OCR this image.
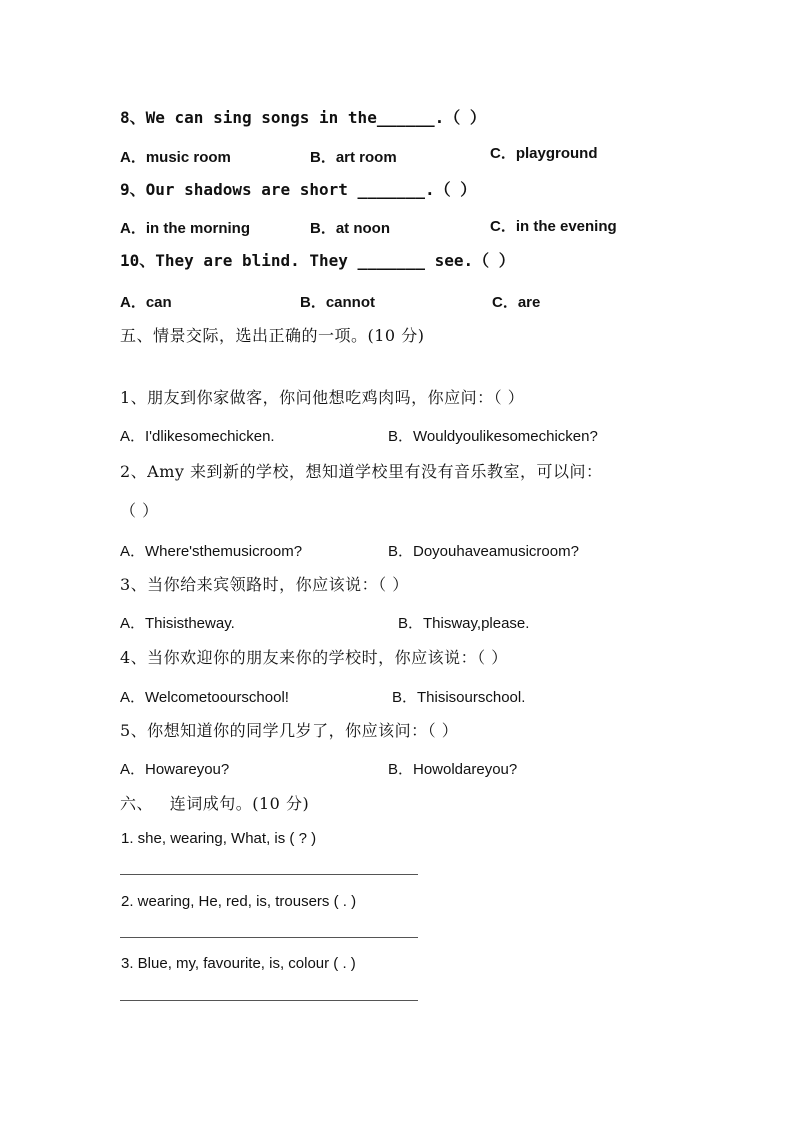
8、We can sing songs in the______.（ ）
A．music room	B．art room	C．playground
9、Our shadows are short _______.（ ）
A．in the morning	B．at noon	C．in the evening
10、They are blind. They _______ see.（ ）
A．can	B．cannot	C．are
五、情景交际，选出正确的一项。(10 分)
1、朋友到你家做客，你问他想吃鸡肉吗，你应问：（ ）
A．I'dlikesomechicken.	B．Wouldyoulikesomechicken?
2、Amy 来到新的学校，想知道学校里有没有音乐教室，可以问：
（ ）
A．Where'sthemusicroom?	B．Doyouhaveamusicroom?
3、当你给来宾领路时，你应该说：（ ）
A．Thisistheway.	B．Thisway,please.
4、当你欢迎你的朋友来你的学校时，你应该说：（ ）
A．Welcometoourschool!	B．Thisisourschool.
5、你想知道你的同学几岁了，你应该问：（ ）
A．Howareyou?	B．Howoldareyou?
六、   连词成句。(10 分)
1. she, wearing, What, is ( ? )
2. wearing, He, red, is, trousers ( . )
3. Blue, my, favourite, is, colour ( . )
